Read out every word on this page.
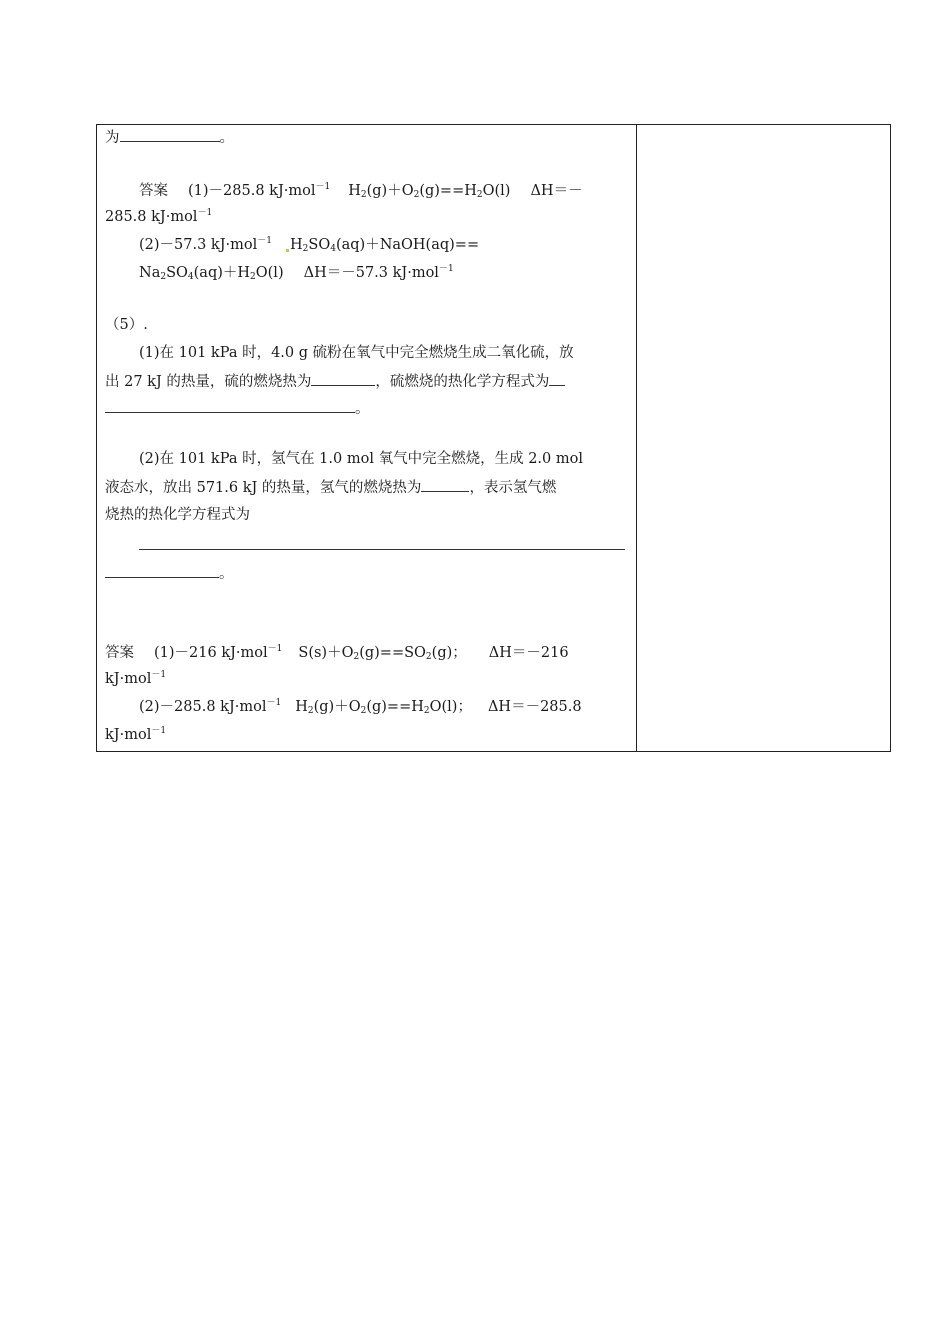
为	。
答案 (1)－285.8 kJ·mol$^{-1}$ $H_2(g)+O_2(g)==H_2O(l)$ ΔH＝－
285.8 kJ·mol$^{-1}$
(2)－57.3 kJ·mol$^{-1}$ $H_2SO_4(aq)+NaOH(aq)==$
$Na_2SO_4(aq)+H_2O(l)$ ΔH＝－57.3 kJ·mol$^{-1}$
（5）.
(1)在 101 kPa 时，4.0 g 硫粉在氧气中完全燃烧生成二氧化硫，放
出 27 kJ 的热量，硫的燃烧热为	，硫燃烧的热化学方程式为
。
(2)在 101 kPa 时，氢气在 1.0 mol 氧气中完全燃烧，生成 2.0 mol
液态水，放出 571.6 kJ 的热量，氢气的燃烧热为	，表示氢气燃
烧热的热化学方程式为
。
答案 (1)－216 kJ·mol$^{-1}$ $S(s)+O_2(g)==SO_2(g)$； ΔH＝－216
kJ·mol$^{-1}$
(2)－285.8 kJ·mol$^{-1}$ $H_2(g)+O_2(g)==H_2O(l)$； ΔH＝－285.8
kJ·mol$^{-1}$
